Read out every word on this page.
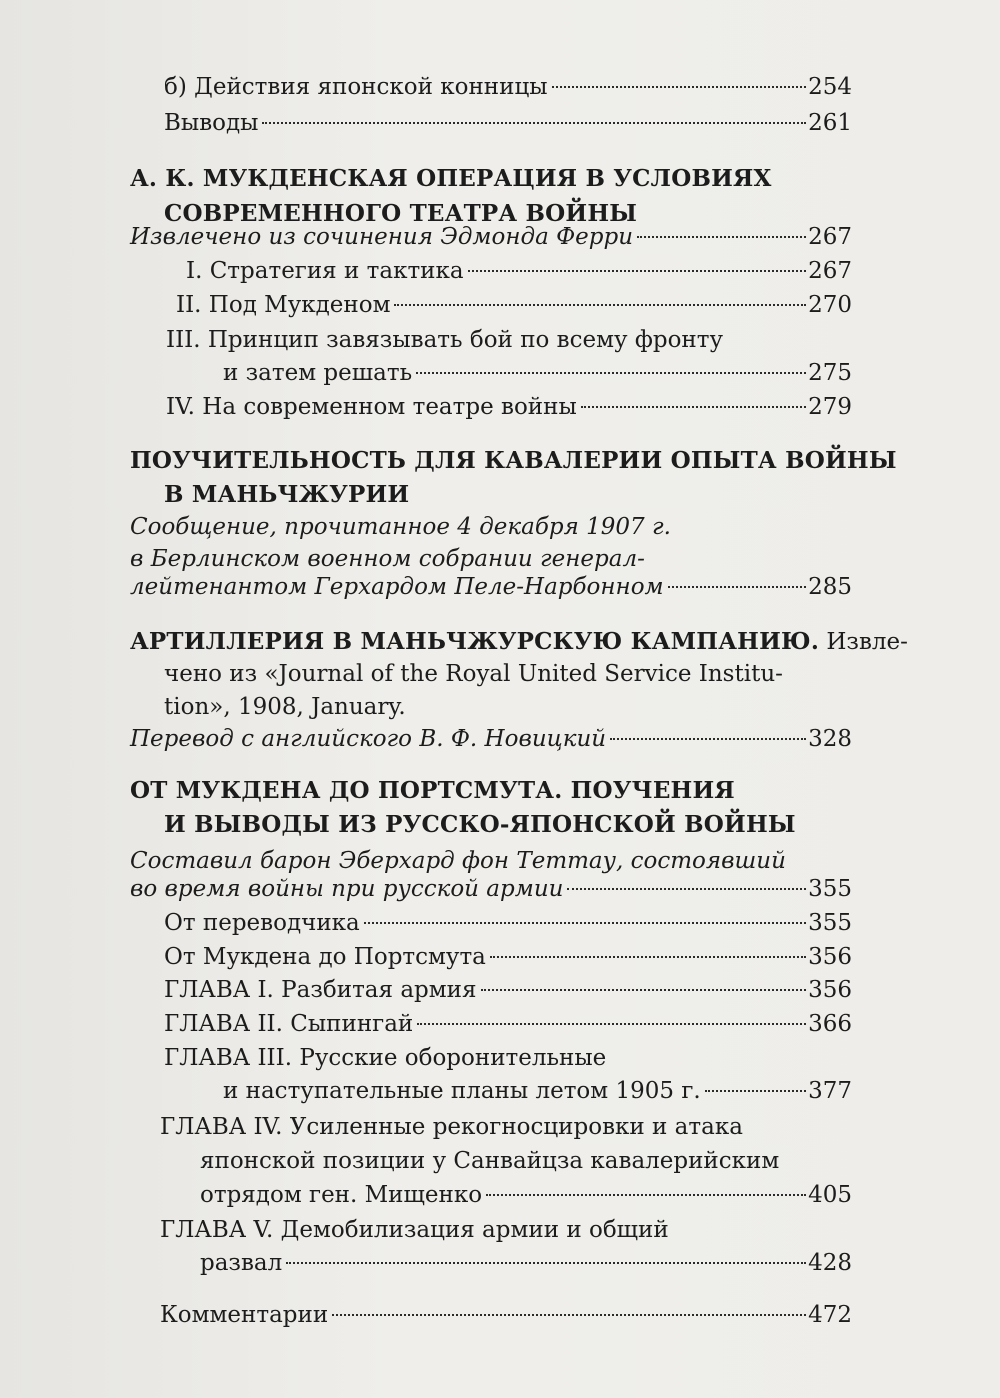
б) Действия японской конницы	254
Выводы	261
А. К. МУКДЕНСКАЯ ОПЕРАЦИЯ В УСЛОВИЯХ
СОВРЕМЕННОГО ТЕАТРА ВОЙНЫ
Извлечено из сочинения Эдмонда Ферри	267
I. Стратегия и тактика	267
II. Под Мукденом	270
III. Принцип завязывать бой по всему фронту
и затем решать	275
IV. На современном театре войны	279
ПОУЧИТЕЛЬНОСТЬ ДЛЯ КАВАЛЕРИИ ОПЫТА ВОЙНЫ
В МАНЬЧЖУРИИ
Сообщение, прочитанное 4 декабря 1907 г.
в Берлинском военном собрании генерал-
лейтенантом Герхардом Пеле-Нарбонном	285
АРТИЛЛЕРИЯ В МАНЬЧЖУРСКУЮ КАМПАНИЮ. Извле-
чено из «Journal of the Royal United Service Institu-
tion», 1908, January.
Перевод с английского В. Ф. Новицкий	328
ОТ МУКДЕНА ДО ПОРТСМУТА. ПОУЧЕНИЯ
И ВЫВОДЫ ИЗ РУССКО-ЯПОНСКОЙ ВОЙНЫ
Составил барон Эберхард фон Теттау, состоявший
во время войны при русской армии	355
От переводчика	355
От Мукдена до Портсмута	356
ГЛАВА I. Разбитая армия	356
ГЛАВА II. Сыпингай	366
ГЛАВА III. Русские оборонительные
и наступательные планы летом 1905 г.	377
ГЛАВА IV. Усиленные рекогносцировки и атака
японской позиции у Санвайцза кавалерийским
отрядом ген. Мищенко	405
ГЛАВА V. Демобилизация армии и общий
развал	428
Комментарии	472
